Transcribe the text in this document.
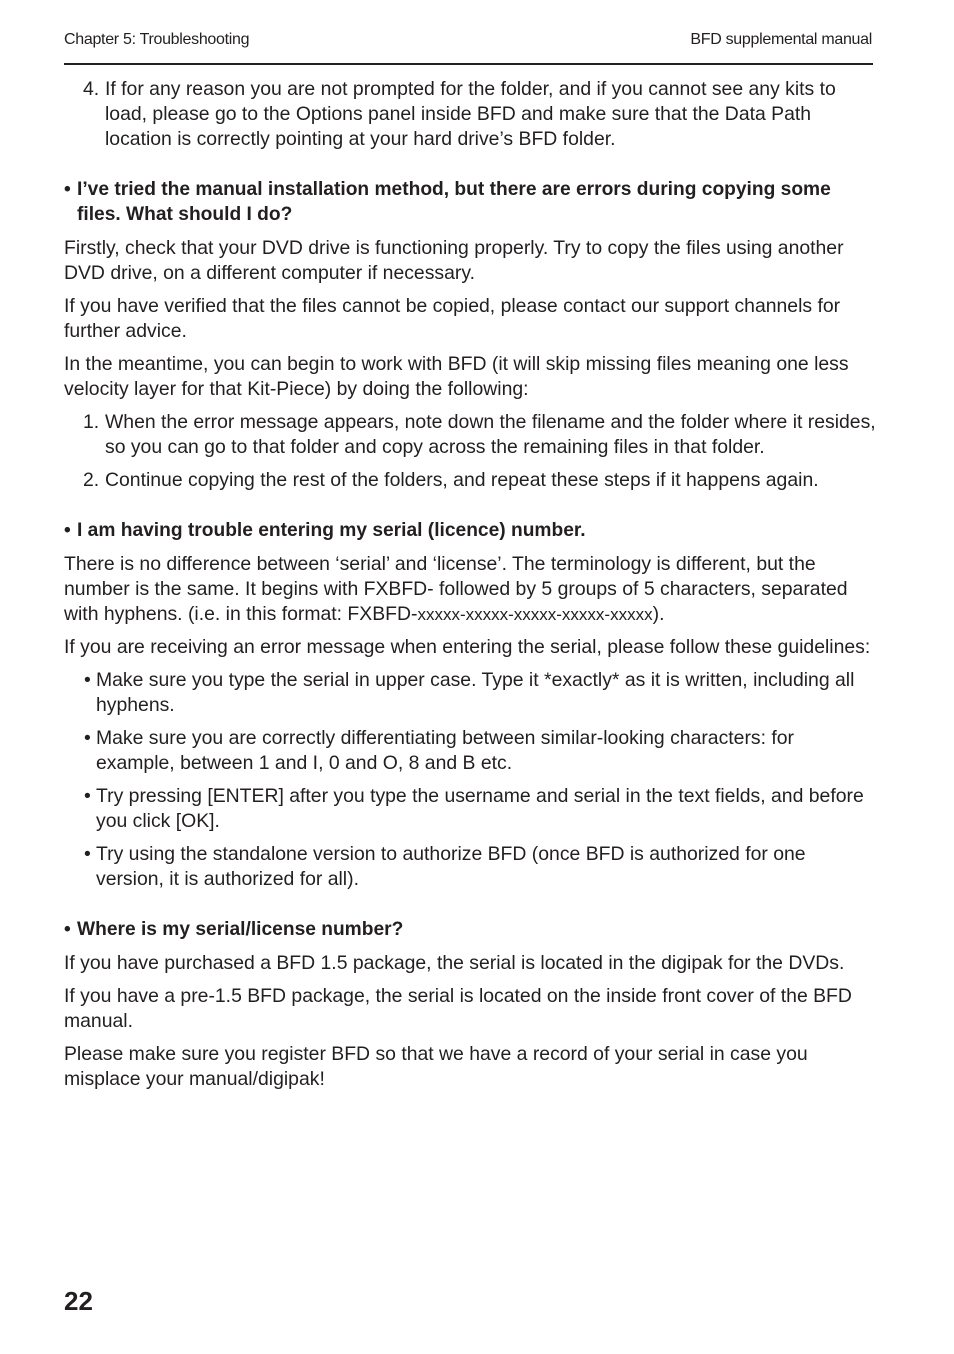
Chapter 5: Troubleshooting	BFD supplemental manual
4. If for any reason you are not prompted for the folder, and if you cannot see any kits to load, please go to the Options panel inside BFD and make sure that the Data Path location is correctly pointing at your hard drive’s BFD folder.
• I’ve tried the manual installation method, but there are errors during copying some files. What should I do?

Firstly, check that your DVD drive is functioning properly. Try to copy the files using another DVD drive, on a different computer if necessary.

If you have verified that the files cannot be copied, please contact our support channels for further advice.

In the meantime, you can begin to work with BFD (it will skip missing files meaning one less velocity layer for that Kit-Piece) by doing the following:

1. When the error message appears, note down the filename and the folder where it resides, so you can go to that folder and copy across the remaining files in that folder.
2. Continue copying the rest of the folders, and repeat these steps if it happens again.
• I am having trouble entering my serial (licence) number.

There is no difference between ‘serial’ and ‘license’. The terminology is different, but the number is the same. It begins with FXBFD- followed by 5 groups of 5 characters, separated with hyphens. (i.e. in this format: FXBFD-xxxxx-xxxxx-xxxxx-xxxxx-xxxxx).

If you are receiving an error message when entering the serial, please follow these guidelines:

• Make sure you type the serial in upper case. Type it *exactly* as it is written, including all hyphens.
• Make sure you are correctly differentiating between similar-looking characters: for example, between 1 and I, 0 and O, 8 and B etc.
• Try pressing [ENTER] after you type the username and serial in the text fields, and before you click [OK].
• Try using the standalone version to authorize BFD (once BFD is authorized for one version, it is authorized for all).
• Where is my serial/license number?

If you have purchased a BFD 1.5 package, the serial is located in the digipak for the DVDs.

If you have a pre-1.5 BFD package, the serial is located on the inside front cover of the BFD manual.

Please make sure you register BFD so that we have a record of your serial in case you misplace your manual/digipak!

22
